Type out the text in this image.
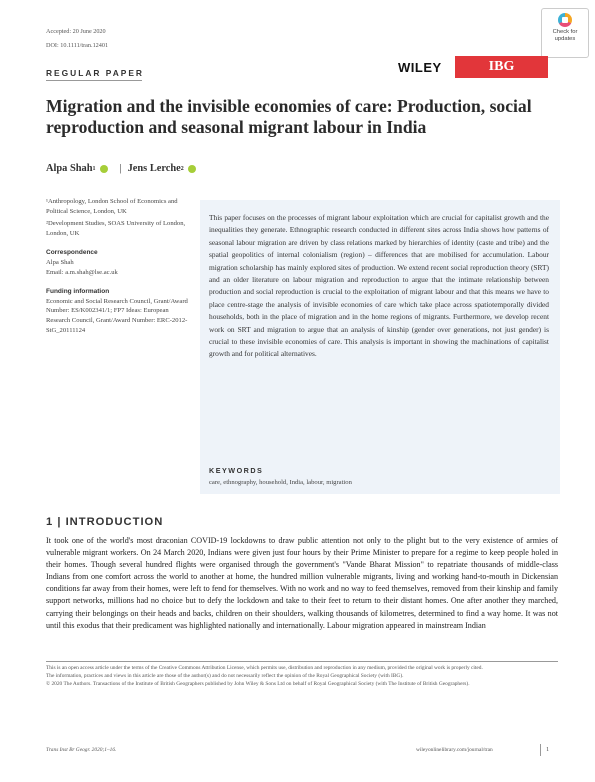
Accepted: 20 June 2020
DOI: 10.1111/tran.12401
Check for updates
REGULAR PAPER	WILEY	IBG
Migration and the invisible economies of care: Production, social reproduction and seasonal migrant labour in India
Alpa Shah 1 | Jens Lerche 2
¹Anthropology, London School of Economics and Political Science, London, UK
²Development Studies, SOAS University of London, London, UK
Correspondence
Alpa Shah
Email: a.m.shah@lse.ac.uk
Funding information
Economic and Social Research Council, Grant/Award Number: ES/K002341/1; FP7 Ideas: European Research Council, Grant/Award Number: ERC-2012-StG_20111124
This paper focuses on the processes of migrant labour exploitation which are crucial for capitalist growth and the inequalities they generate. Ethnographic research conducted in different sites across India shows how patterns of seasonal labour migration are driven by class relations marked by hierarchies of identity (caste and tribe) and the spatial geopolitics of internal colonialism (region) – differences that are mobilised for accumulation. Labour migration scholarship has mainly explored sites of production. We extend recent social reproduction theory (SRT) and an older literature on labour migration and reproduction to argue that the intimate relationship between production and social reproduction is crucial to the exploitation of migrant labour and that this means we have to place centre-stage the analysis of invisible economies of care which take place across spatiotemporally divided households, both in the place of migration and in the home regions of migrants. Furthermore, we develop recent work on SRT and migration to argue that an analysis of kinship (gender over generations, not just gender) is crucial to these invisible economies of care. This analysis is important in showing the machinations of capitalist growth and for political alternatives.
KEYWORDS
care, ethnography, household, India, labour, migration
1 | INTRODUCTION
It took one of the world's most draconian COVID-19 lockdowns to draw public attention not only to the plight but to the very existence of armies of vulnerable migrant workers. On 24 March 2020, Indians were given just four hours by their Prime Minister to prepare for a regime to keep people holed in their homes. Though several hundred flights were organised through the government's "Vande Bharat Mission" to repatriate thousands of middle-class Indians from one comfort across the world to another at home, the hundred million vulnerable migrants, living and working hand-to-mouth in Dickensian conditions far away from their homes, were left to fend for themselves. With no work and no way to feed themselves, removed from their kinship and family support networks, millions had no choice but to defy the lockdown and take to their feet to return to their distant homes. One after another they marched, carrying their belongings on their heads and backs, children on their shoulders, walking thousands of kilometres, determined to find a way home. It was not until this exodus that their predicament was highlighted nationally and internationally. Labour migration appeared in mainstream Indian
This is an open access article under the terms of the Creative Commons Attribution License, which permits use, distribution and reproduction in any medium, provided the original work is properly cited.
The information, practices and views in this article are those of the author(s) and do not necessarily reflect the opinion of the Royal Geographical Society (with IBG).
© 2020 The Authors. Transactions of the Institute of British Geographers published by John Wiley & Sons Ltd on behalf of Royal Geographical Society (with The Institute of British Geographers).
Trans Inst Br Geogr. 2020;1–16.	wileyonlinelibrary.com/journal/tran	1
